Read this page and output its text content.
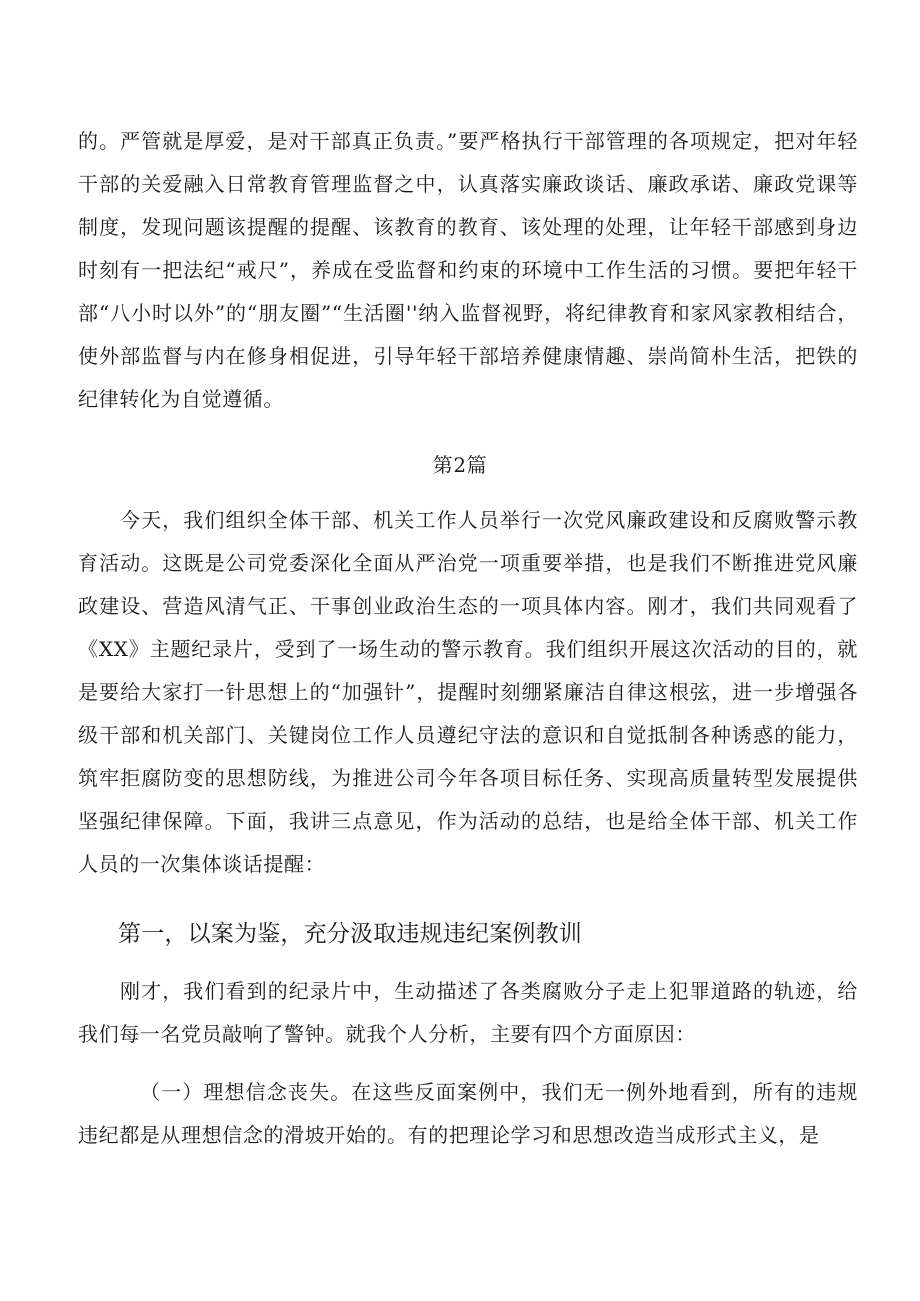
的。严管就是厚爱，是对干部真正负责。”要严格执行干部管理的各项规定，把对年轻干部的关爱融入日常教育管理监督之中，认真落实廉政谈话、廉政承诺、廉政党课等制度，发现问题该提醒的提醒、该教育的教育、该处理的处理，让年轻干部感到身边时刻有一把法纪“戒尺”，养成在受监督和约束的环境中工作生活的习惯。要把年轻干部“八小时以外”的“朋友圈”“生活圈''纳入监督视野，将纪律教育和家风家教相结合，使外部监督与内在修身相促进，引导年轻干部培养健康情趣、崇尚简朴生活，把铁的纪律转化为自觉遵循。

第2篇

今天，我们组织全体干部、机关工作人员举行一次党风廉政建设和反腐败警示教育活动。这既是公司党委深化全面从严治党一项重要举措，也是我们不断推进党风廉政建设、营造风清气正、干事创业政治生态的一项具体内容。刚才，我们共同观看了《XX》主题纪录片，受到了一场生动的警示教育。我们组织开展这次活动的目的，就是要给大家打一针思想上的“加强针”，提醒时刻绷紧廉洁自律这根弦，进一步增强各级干部和机关部门、关键岗位工作人员遵纪守法的意识和自觉抵制各种诱惑的能力，筑牢拒腐防变的思想防线，为推进公司今年各项目标任务、实现高质量转型发展提供坚强纪律保障。下面，我讲三点意见，作为活动的总结，也是给全体干部、机关工作人员的一次集体谈话提醒：

第一，以案为鉴，充分汲取违规违纪案例教训

刚才，我们看到的纪录片中，生动描述了各类腐败分子走上犯罪道路的轨迹，给我们每一名党员敲响了警钟。就我个人分析，主要有四个方面原因：

（一）理想信念丧失。在这些反面案例中，我们无一例外地看到，所有的违规违纪都是从理想信念的滑坡开始的。有的把理论学习和思想改造当成形式主义，是
